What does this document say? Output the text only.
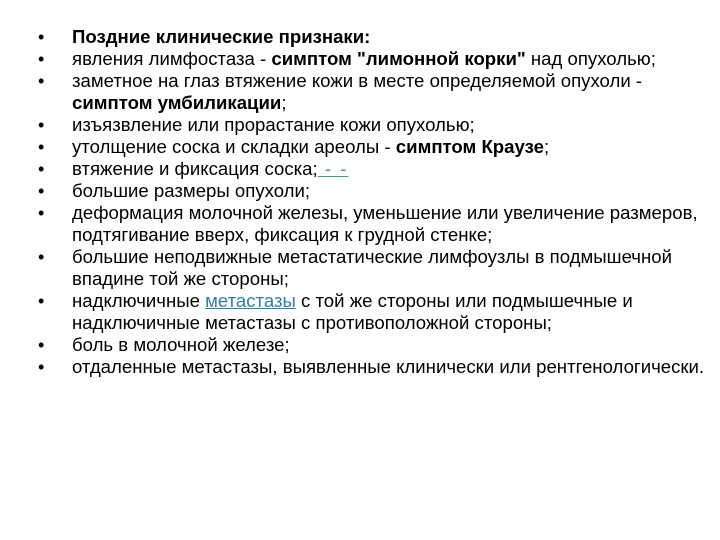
•	Поздние клинические признаки:
•	явления лимфостаза - симптом "лимонной корки" над опухолью;
•	заметное на глаз втяжение кожи в месте определяемой опухоли - симптом умбиликации;
•	изъязвление или прорастание кожи опухолью;
•	утолщение соска и складки ареолы - симптом Краузе;
•	втяжение и фиксация соска; - -
•	большие размеры опухоли;
•	деформация молочной железы, уменьшение или увеличение размеров, подтягивание вверх, фиксация к грудной стенке;
•	большие неподвижные метастатические лимфоузлы в подмышечной впадине той же стороны;
•	надключичные метастазы с той же стороны или подмышечные и надключичные метастазы с противоположной стороны;
•	боль в молочной железе;
•	отдаленные метастазы, выявленные клинически или рентгенологически.
